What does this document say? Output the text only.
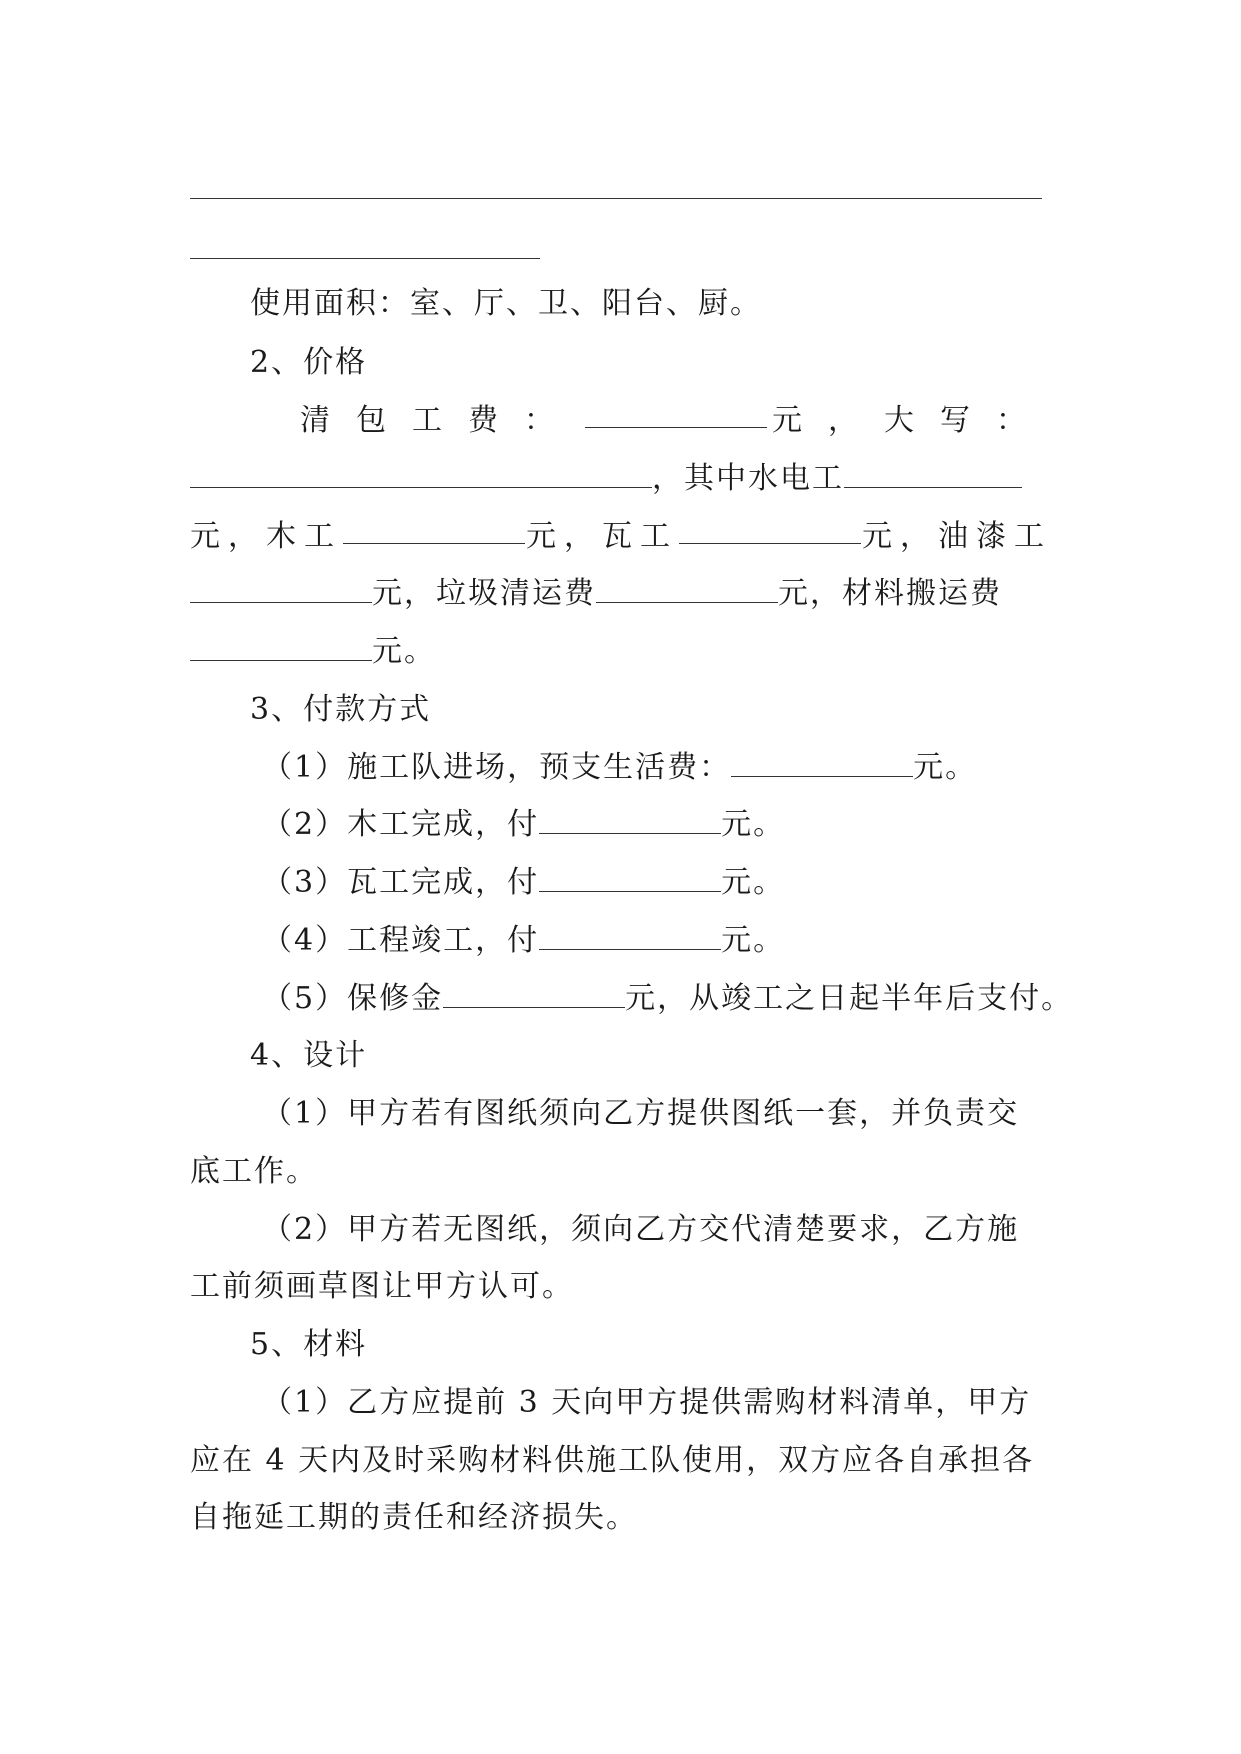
使用面积：室、厅、卫、阳台、厨。
2、价格
清包工费：	元，大写：
，其中水电工
元，木工	元，瓦工	元，油漆工
元，垃圾清运费	元，材料搬运费
元。
3、付款方式
（1）施工队进场，预支生活费：	元。
（2）木工完成，付	元。
（3）瓦工完成，付	元。
（4）工程竣工，付	元。
（5）保修金	元，从竣工之日起半年后支付。
4、设计
（1）甲方若有图纸须向乙方提供图纸一套，并负责交
底工作。
（2）甲方若无图纸，须向乙方交代清楚要求，乙方施
工前须画草图让甲方认可。
5、材料
（1）乙方应提前 3 天向甲方提供需购材料清单，甲方
应在 4 天内及时采购材料供施工队使用，双方应各自承担各
自拖延工期的责任和经济损失。
